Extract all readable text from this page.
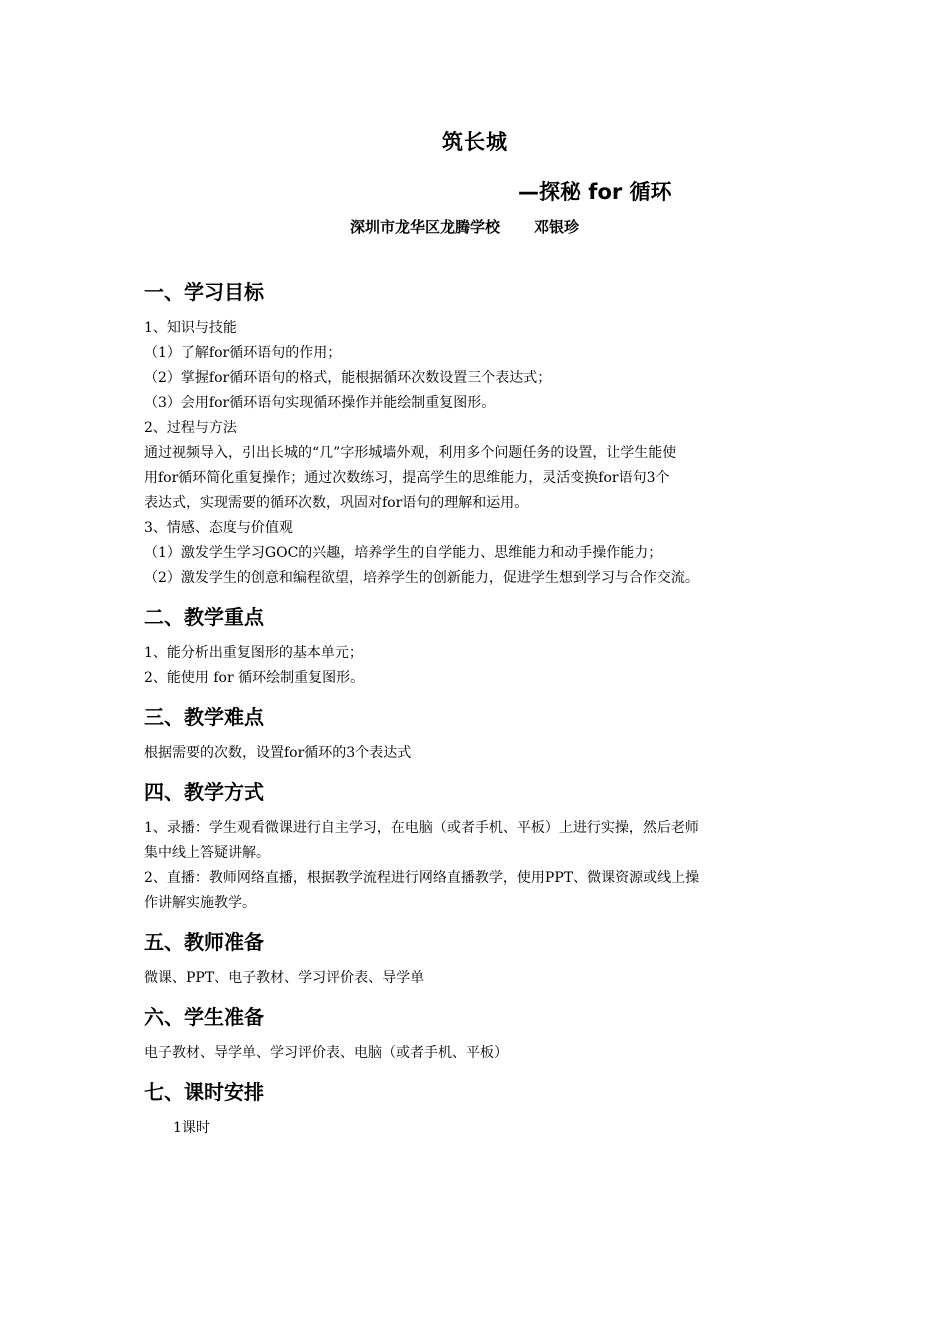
筑长城
—探秘 for 循环
深圳市龙华区龙腾学校 邓银珍
一、学习目标

1、知识与技能

（1）了解for循环语句的作用；

（2）掌握for循环语句的格式，能根据循环次数设置三个表达式；

（3）会用for循环语句实现循环操作并能绘制重复图形。

2、过程与方法

通过视频导入，引出长城的“几”字形城墙外观，利用多个问题任务的设置，让学生能使

用for循环简化重复操作；通过次数练习，提高学生的思维能力，灵活变换for语句3个

表达式，实现需要的循环次数，巩固对for语句的理解和运用。

3、情感、态度与价值观

（1）激发学生学习GOC的兴趣，培养学生的自学能力、思维能力和动手操作能力；

（2）激发学生的创意和编程欲望，培养学生的创新能力，促进学生想到学习与合作交流。

二、教学重点

1、能分析出重复图形的基本单元；

2、能使用 for 循环绘制重复图形。

三、教学难点

根据需要的次数，设置for循环的3个表达式

四、教学方式

1、录播：学生观看微课进行自主学习，在电脑（或者手机、平板）上进行实操，然后老师

集中线上答疑讲解。

2、直播：教师网络直播，根据教学流程进行网络直播教学，使用PPT、微课资源或线上操

作讲解实施教学。

五、教师准备

微课、PPT、电子教材、学习评价表、导学单

六、学生准备

电子教材、导学单、学习评价表、电脑（或者手机、平板）

七、课时安排

1课时
